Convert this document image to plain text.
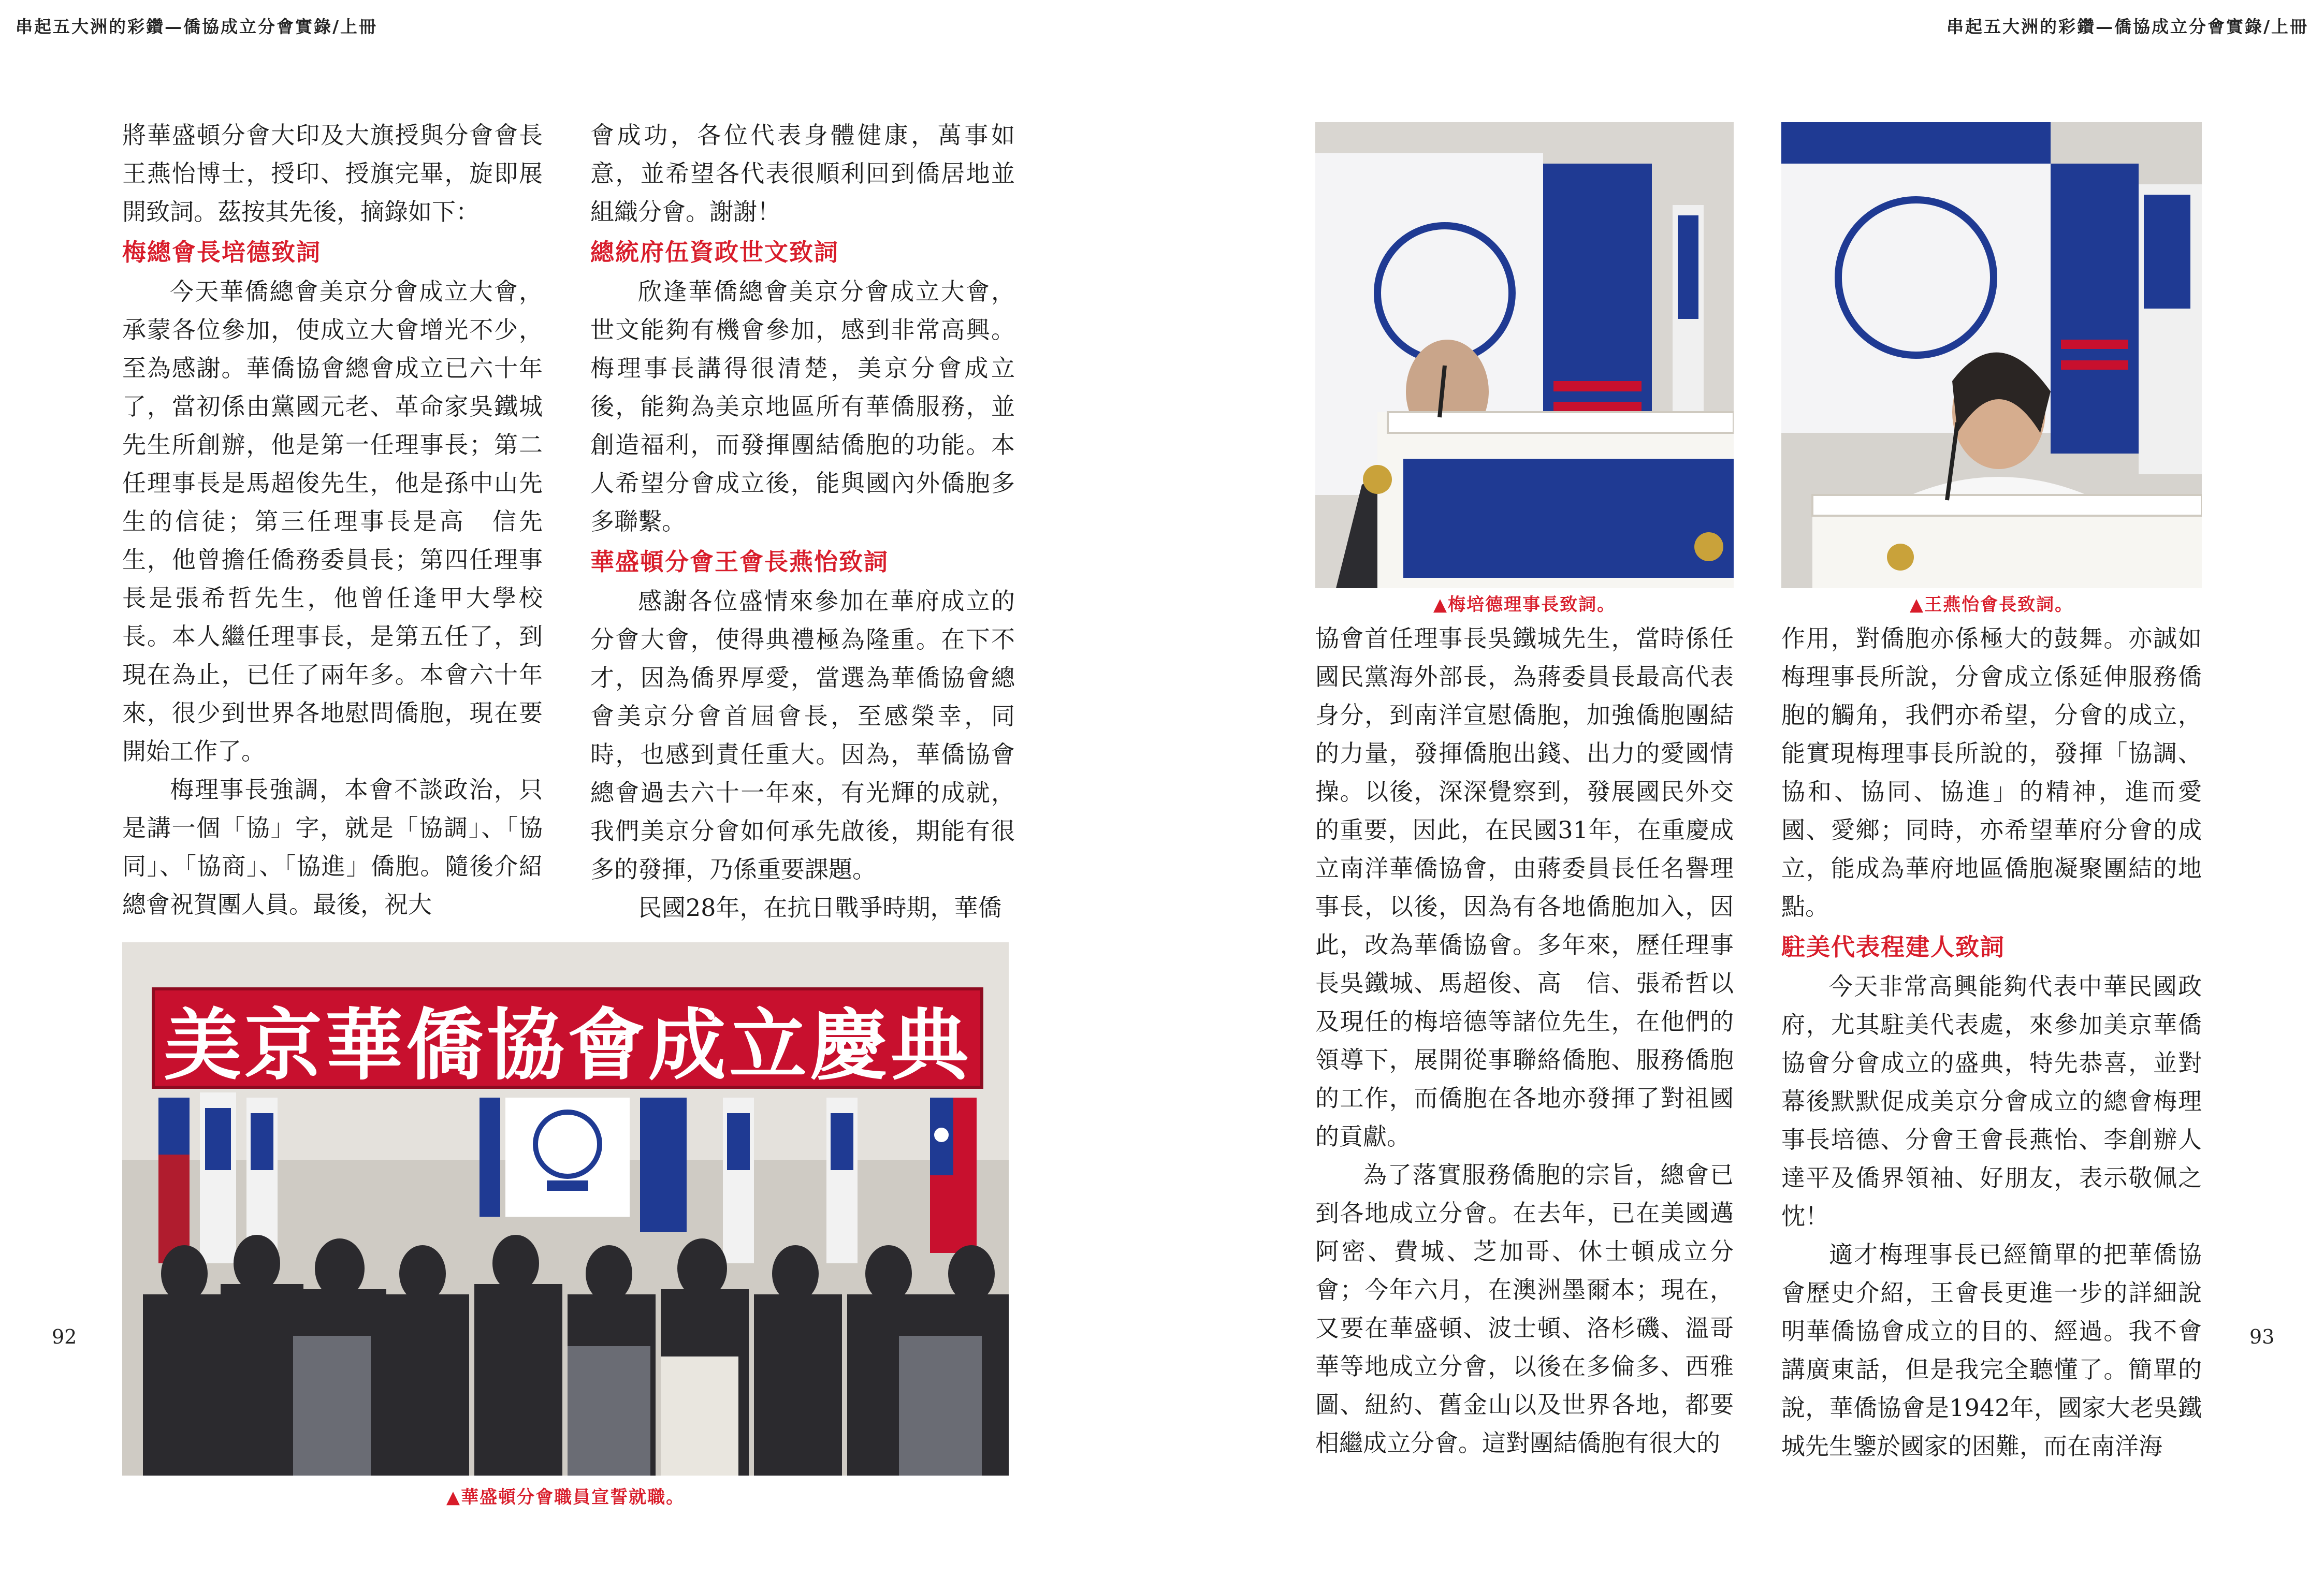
串起五大洲的彩鑽—僑協成立分會實錄/上冊

將華盛頓分會大印及大旗授與分會會長王燕怡博士，授印、授旗完畢，旋即展開致詞。茲按其先後，摘錄如下：

梅總會長培德致詞

今天華僑總會美京分會成立大會，承蒙各位參加，使成立大會增光不少，至為感謝。華僑協會總會成立已六十年了，當初係由黨國元老、革命家吳鐵城先生所創辦，他是第一任理事長；第二任理事長是馬超俊先生，他是孫中山先生的信徒；第三任理事長是高　信先生，他曾擔任僑務委員長；第四任理事長是張希哲先生，他曾任逢甲大學校長。本人繼任理事長，是第五任了，到現在為止，已任了兩年多。本會六十年來，很少到世界各地慰問僑胞，現在要開始工作了。

梅理事長強調，本會不談政治，只是講一個「協」字，就是「協調」、「協同」、「協商」、「協進」僑胞。隨後介紹總會祝賀團人員。最後，祝大

會成功，各位代表身體健康，萬事如意，並希望各代表很順利回到僑居地並組織分會。謝謝！

總統府伍資政世文致詞

欣逢華僑總會美京分會成立大會，世文能夠有機會參加，感到非常高興。梅理事長講得很清楚，美京分會成立後，能夠為美京地區所有華僑服務，並創造福利，而發揮團結僑胞的功能。本人希望分會成立後，能與國內外僑胞多多聯繫。

華盛頓分會王會長燕怡致詞

感謝各位盛情來參加在華府成立的分會大會，使得典禮極為隆重。在下不才，因為僑界厚愛，當選為華僑協會總會美京分會首屆會長，至感榮幸，同時，也感到責任重大。因為，華僑協會總會過去六十一年來，有光輝的成就，我們美京分會如何承先啟後，期能有很多的發揮，乃係重要課題。

民國28年，在抗日戰爭時期，華僑

美京華僑協會成立慶典
▲華盛頓分會職員宣誓就職。
92
串起五大洲的彩鑽—僑協成立分會實錄/上冊
▲梅培德理事長致詞。	▲王燕怡會長致詞。

協會首任理事長吳鐵城先生，當時係任國民黨海外部長，為蔣委員長最高代表身分，到南洋宣慰僑胞，加強僑胞團結的力量，發揮僑胞出錢、出力的愛國情操。以後，深深覺察到，發展國民外交的重要，因此，在民國31年，在重慶成立南洋華僑協會，由蔣委員長任名譽理事長，以後，因為有各地僑胞加入，因此，改為華僑協會。多年來，歷任理事長吳鐵城、馬超俊、高　信、張希哲以及現任的梅培德等諸位先生，在他們的領導下，展開從事聯絡僑胞、服務僑胞的工作，而僑胞在各地亦發揮了對祖國的貢獻。

為了落實服務僑胞的宗旨，總會已到各地成立分會。在去年，已在美國邁阿密、費城、芝加哥、休士頓成立分會；今年六月，在澳洲墨爾本；現在，又要在華盛頓、波士頓、洛杉磯、溫哥華等地成立分會，以後在多倫多、西雅圖、紐約、舊金山以及世界各地，都要相繼成立分會。這對團結僑胞有很大的

作用，對僑胞亦係極大的鼓舞。亦誠如梅理事長所說，分會成立係延伸服務僑胞的觸角，我們亦希望，分會的成立，能實現梅理事長所說的，發揮「協調、協和、協同、協進」的精神，進而愛國、愛鄉；同時，亦希望華府分會的成立，能成為華府地區僑胞凝聚團結的地點。

駐美代表程建人致詞

今天非常高興能夠代表中華民國政府，尤其駐美代表處，來參加美京華僑協會分會成立的盛典，特先恭喜，並對幕後默默促成美京分會成立的總會梅理事長培德、分會王會長燕怡、李創辦人達平及僑界領袖、好朋友，表示敬佩之忱！

適才梅理事長已經簡單的把華僑協會歷史介紹，王會長更進一步的詳細說明華僑協會成立的目的、經過。我不會講廣東話，但是我完全聽懂了。簡單的說，華僑協會是1942年，國家大老吳鐵城先生鑒於國家的困難，而在南洋海

93
